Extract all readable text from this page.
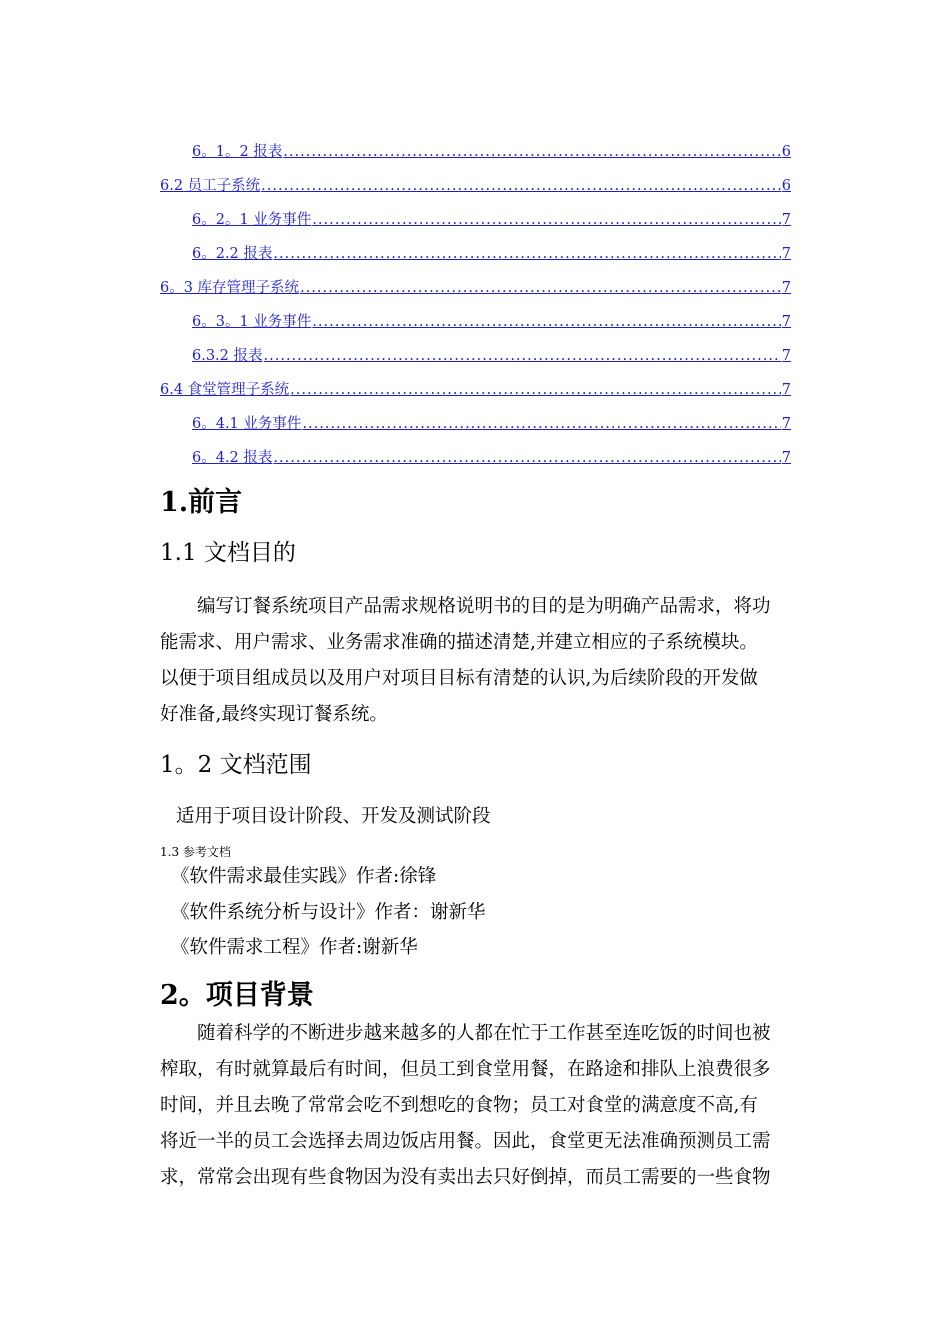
6。1。2 报表 .....	6
6.2 员工子系统 .....	6
6。2。1 业务事件 .....	7
6。2.2 报表 .....	7
6。3 库存管理子系统 .....	7
6。3。1 业务事件 .....	7
6.3.2 报表 .....	7
6.4 食堂管理子系统 .....	7
6。4.1 业务事件 .....	7
6。4.2 报表 .....	7
1.前言
1.1 文档目的
编写订餐系统项目产品需求规格说明书的目的是为明确产品需求，将功
能需求、用户需求、业务需求准确的描述清楚,并建立相应的子系统模块。
以便于项目组成员以及用户对项目目标有清楚的认识,为后续阶段的开发做
好准备,最终实现订餐系统。
1。2 文档范围
适用于项目设计阶段、开发及测试阶段
1.3 参考文档
《软件需求最佳实践》作者:徐锋
《软件系统分析与设计》作者：谢新华
《软件需求工程》作者:谢新华
2。项目背景
随着科学的不断进步越来越多的人都在忙于工作甚至连吃饭的时间也被
榨取，有时就算最后有时间，但员工到食堂用餐，在路途和排队上浪费很多
时间，并且去晚了常常会吃不到想吃的食物；员工对食堂的满意度不高,有
将近一半的员工会选择去周边饭店用餐。因此，食堂更无法准确预测员工需
求，常常会出现有些食物因为没有卖出去只好倒掉，而员工需要的一些食物
